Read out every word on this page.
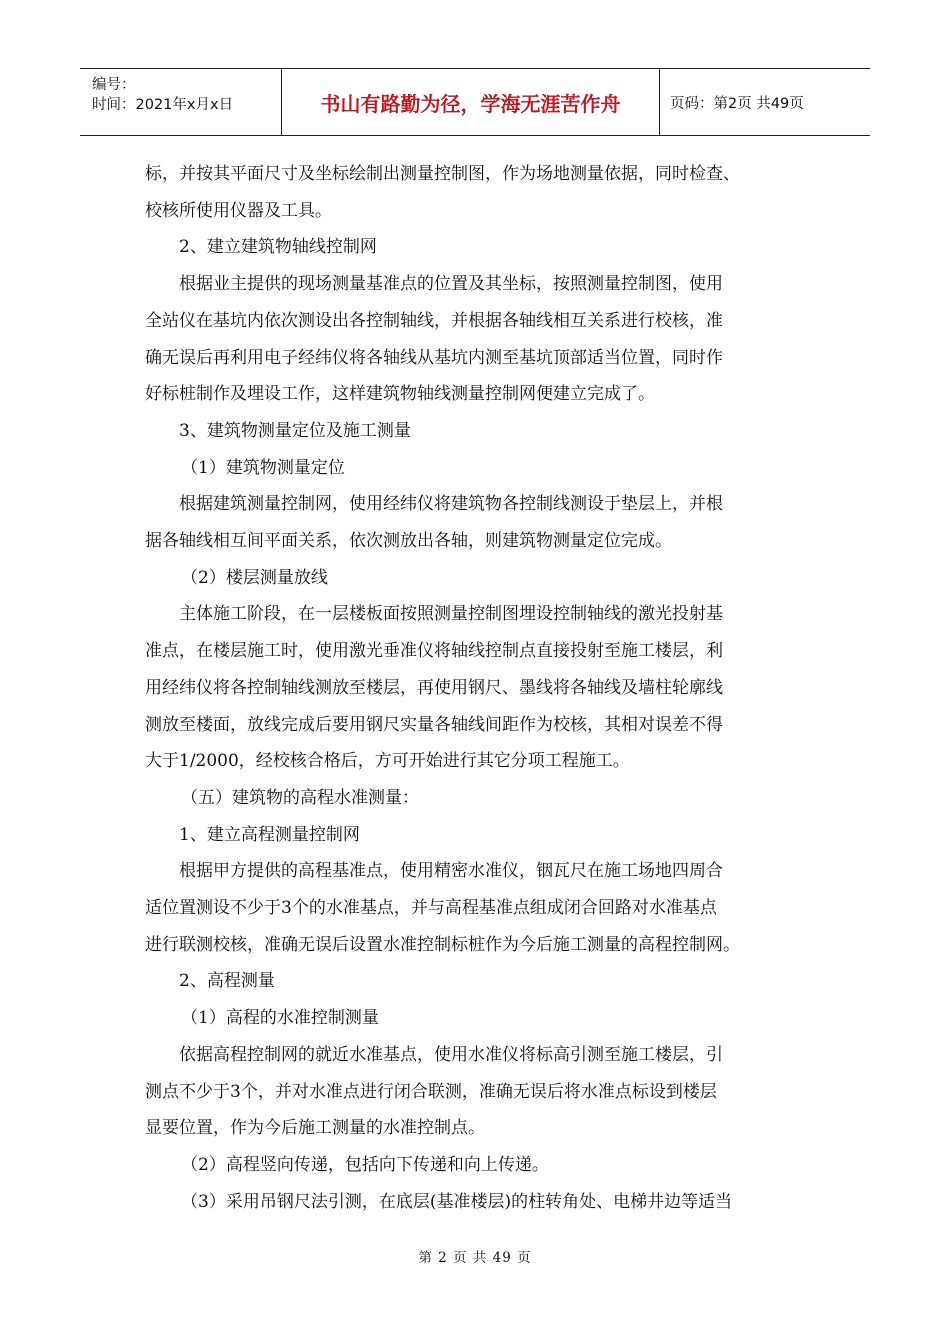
编号：
时间：2021年x月x日	书山有路勤为径，学海无涯苦作舟	页码：第2页 共49页

标，并按其平面尺寸及坐标绘制出测量控制图，作为场地测量依据，同时检查、

校核所使用仪器及工具。

2、建立建筑物轴线控制网

根据业主提供的现场测量基准点的位置及其坐标，按照测量控制图，使用

全站仪在基坑内依次测设出各控制轴线，并根据各轴线相互关系进行校核，准

确无误后再利用电子经纬仪将各轴线从基坑内测至基坑顶部适当位置，同时作

好标桩制作及埋设工作，这样建筑物轴线测量控制网便建立完成了。

3、建筑物测量定位及施工测量

（1）建筑物测量定位

根据建筑测量控制网，使用经纬仪将建筑物各控制线测设于垫层上，并根

据各轴线相互间平面关系，依次测放出各轴，则建筑物测量定位完成。

（2）楼层测量放线

主体施工阶段，在一层楼板面按照测量控制图埋设控制轴线的激光投射基

准点，在楼层施工时，使用激光垂准仪将轴线控制点直接投射至施工楼层，利

用经纬仪将各控制轴线测放至楼层，再使用钢尺、墨线将各轴线及墙柱轮廓线

测放至楼面，放线完成后要用钢尺实量各轴线间距作为校核，其相对误差不得

大于1/2000，经校核合格后，方可开始进行其它分项工程施工。

（五）建筑物的高程水准测量：

1、建立高程测量控制网

根据甲方提供的高程基准点，使用精密水准仪，铟瓦尺在施工场地四周合

适位置测设不少于3个的水准基点，并与高程基准点组成闭合回路对水准基点

进行联测校核，准确无误后设置水准控制标桩作为今后施工测量的高程控制网。

2、高程测量

（1）高程的水准控制测量

依据高程控制网的就近水准基点，使用水准仪将标高引测至施工楼层，引

测点不少于3个，并对水准点进行闭合联测，准确无误后将水准点标设到楼层

显要位置，作为今后施工测量的水准控制点。

（2）高程竖向传递，包括向下传递和向上传递。

（3）采用吊钢尺法引测，在底层(基准楼层)的柱转角处、电梯井边等适当

第 2 页 共 49 页
